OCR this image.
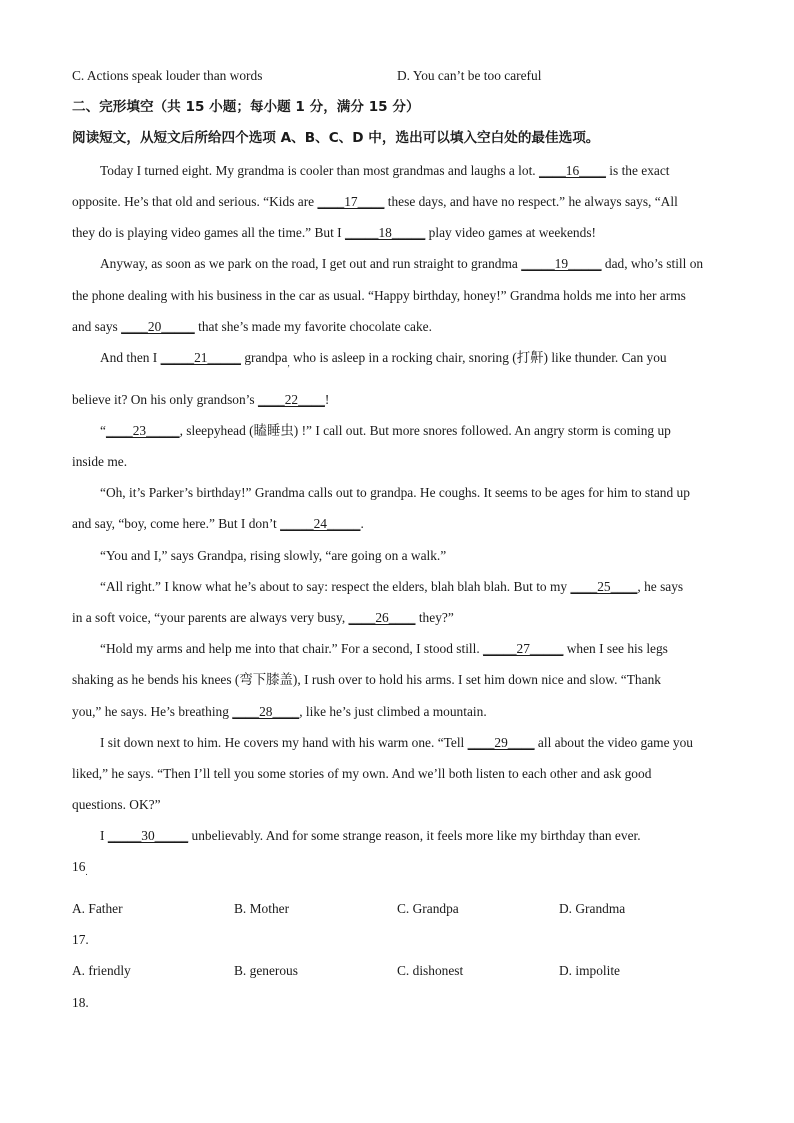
C. Actions speak louder than words	D. You can’t be too careful
二、完形填空（共 15 小题；每小题 1 分，满分 15 分）
阅读短文，从短文后所给四个选项 A、B、C、D 中，选出可以填入空白处的最佳选项。
Today I turned eight. My grandma is cooler than most grandmas and laughs a lot. ____16____ is the exact
opposite. He’s that old and serious. “Kids are ____17____ these days, and have no respect.” he always says, “All
they do is playing video games all the time.” But I _____18_____ play video games at weekends!
Anyway, as soon as we park on the road, I get out and run straight to grandma _____19_____ dad, who’s still on
the phone dealing with his business in the car as usual. “Happy birthday, honey!” Grandma holds me into her arms
and says ____20_____ that she’s made my favorite chocolate cake.
And then I _____21_____ grandpa$_,$ who is asleep in a rocking chair, snoring (打鼾) like thunder. Can you
believe it? On his only grandson’s ____22____!
“____23_____, sleepyhead (瞌睡虫) !” I call out. But more snores followed. An angry storm is coming up
inside me.
“Oh, it’s Parker’s birthday!” Grandma calls out to grandpa. He coughs. It seems to be ages for him to stand up
and say, “boy, come here.” But I don’t _____24_____.
“You and I,” says Grandpa, rising slowly, “are going on a walk.”
“All right.” I know what he’s about to say: respect the elders, blah blah blah. But to my ____25____, he says
in a soft voice, “your parents are always very busy, ____26____ they?”
“Hold my arms and help me into that chair.” For a second, I stood still. _____27_____ when I see his legs
shaking as he bends his knees (弯下膝盖), I rush over to hold his arms. I set him down nice and slow. “Thank
you,” he says. He’s breathing ____28____, like he’s just climbed a mountain.
I sit down next to him. He covers my hand with his warm one. “Tell ____29____ all about the video game you
liked,” he says. “Then I’ll tell you some stories of my own. And we’ll both listen to each other and ask good
questions. OK?”
I _____30_____ unbelievably. And for some strange reason, it feels more like my birthday than ever.
$16_.$
A. Father	B. Mother	C. Grandpa	D. Grandma
17.
A. friendly	B. generous	C. dishonest	D. impolite
18.
